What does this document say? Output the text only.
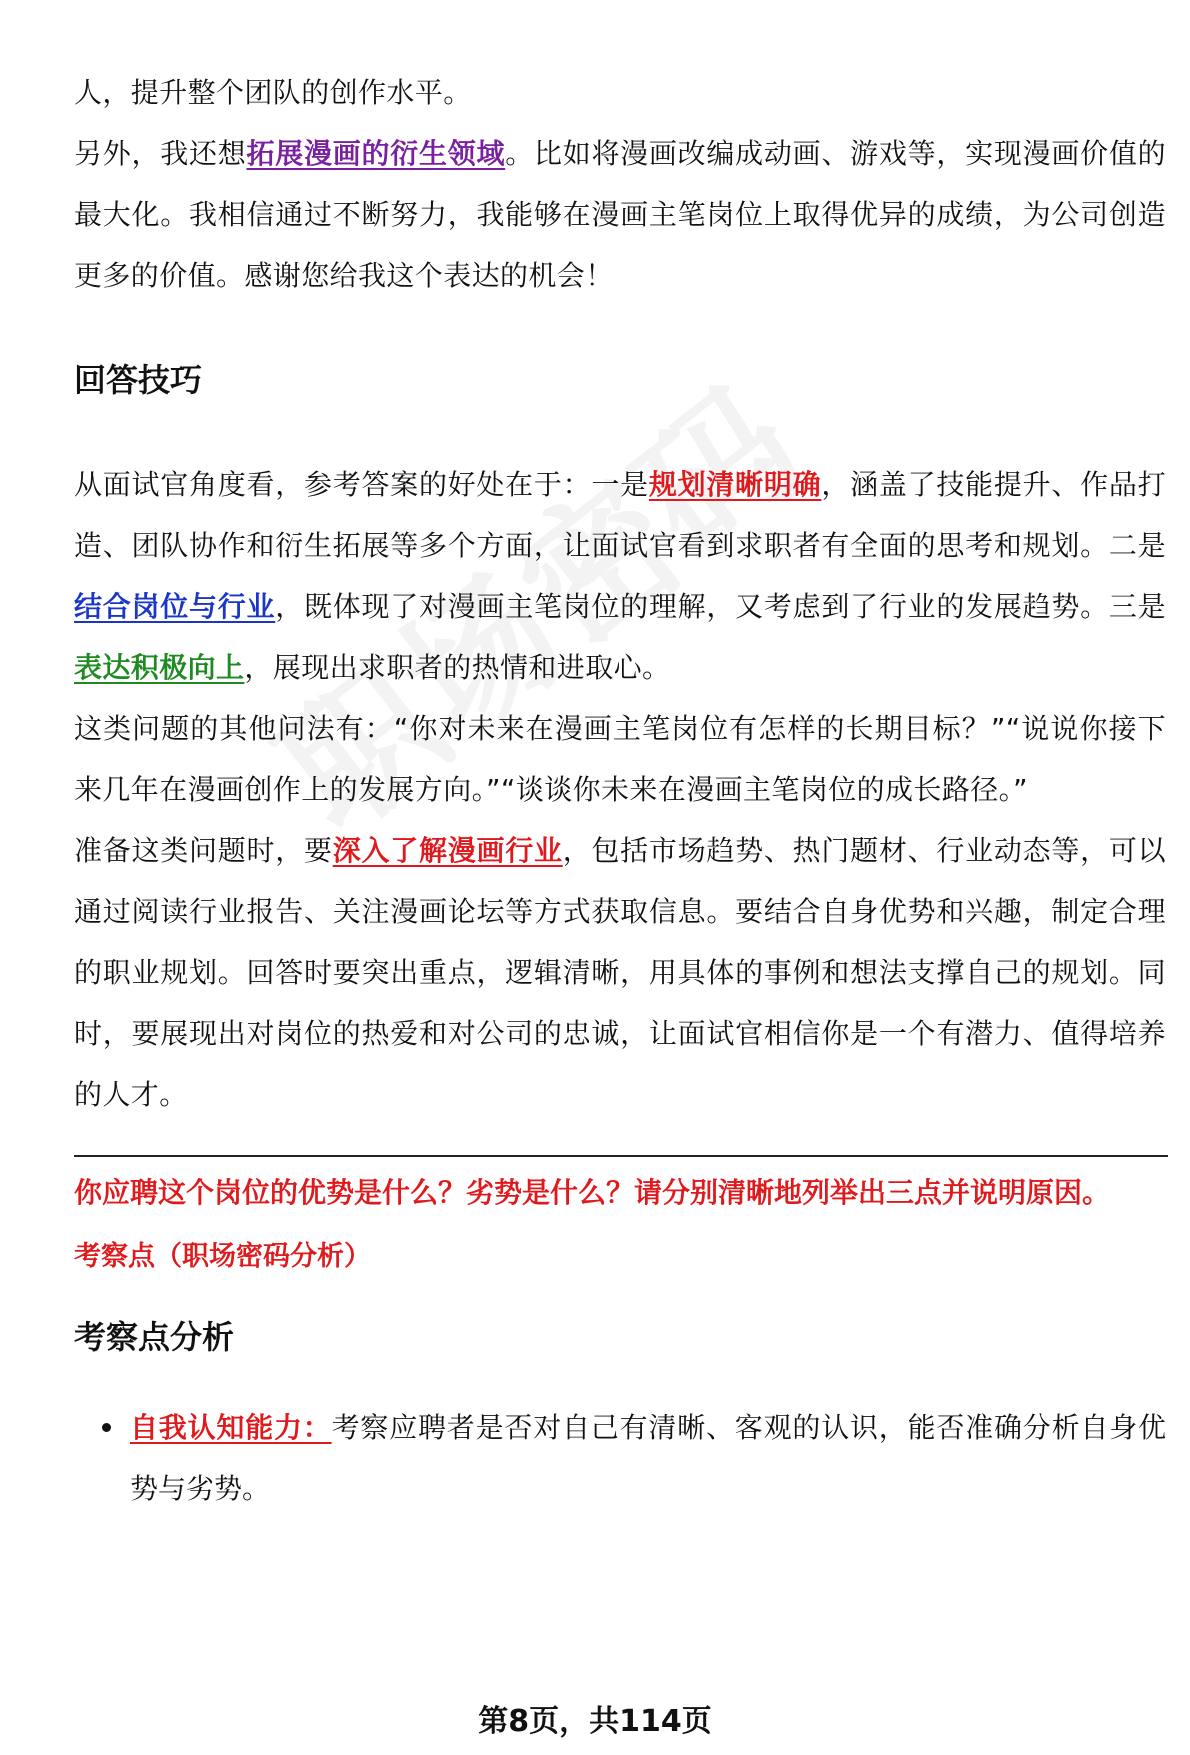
人，提升整个团队的创作水平。

另外，我还想拓展漫画的衍生领域。比如将漫画改编成动画、游戏等，实现漫画价值的最大化。我相信通过不断努力，我能够在漫画主笔岗位上取得优异的成绩，为公司创造更多的价值。感谢您给我这个表达的机会！

回答技巧

从面试官角度看，参考答案的好处在于：一是规划清晰明确，涵盖了技能提升、作品打造、团队协作和衍生拓展等多个方面，让面试官看到求职者有全面的思考和规划。二是结合岗位与行业，既体现了对漫画主笔岗位的理解，又考虑到了行业的发展趋势。三是表达积极向上，展现出求职者的热情和进取心。

这类问题的其他问法有：“你对未来在漫画主笔岗位有怎样的长期目标？”“说说你接下来几年在漫画创作上的发展方向。”“谈谈你未来在漫画主笔岗位的成长路径。”

准备这类问题时，要深入了解漫画行业，包括市场趋势、热门题材、行业动态等，可以通过阅读行业报告、关注漫画论坛等方式获取信息。要结合自身优势和兴趣，制定合理的职业规划。回答时要突出重点，逻辑清晰，用具体的事例和想法支撑自己的规划。同时，要展现出对岗位的热爱和对公司的忠诚，让面试官相信你是一个有潜力、值得培养的人才。

你应聘这个岗位的优势是什么？劣势是什么？请分别清晰地列举出三点并说明原因。
考察点（职场密码分析）
考察点分析
自我认知能力：考察应聘者是否对自己有清晰、客观的认识，能否准确分析自身优势与劣势。
第8页，共114页
